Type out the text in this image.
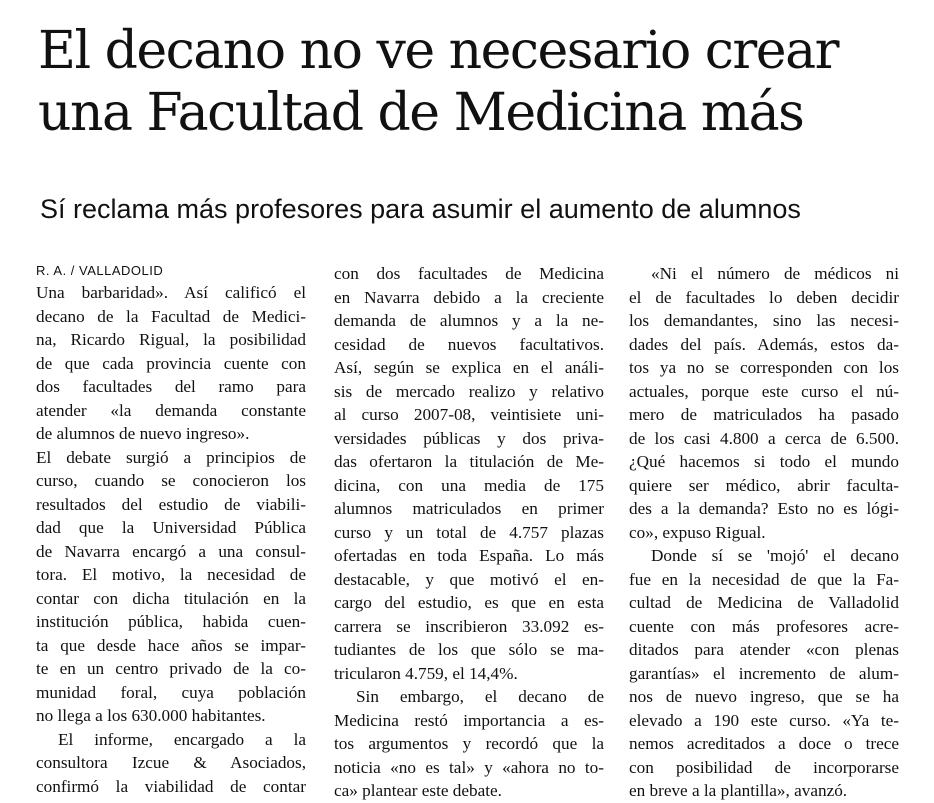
El decano no ve necesario crear
una Facultad de Medicina más
Sí reclama más profesores para asumir el aumento de alumnos
R. A. / VALLADOLID
Una barbaridad». Así calificó el
decano de la Facultad de Medici-
na, Ricardo Rigual, la posibilidad
de que cada provincia cuente con
dos facultades del ramo para
atender «la demanda constante
de alumnos de nuevo ingreso».
El debate surgió a principios de
curso, cuando se conocieron los
resultados del estudio de viabili-
dad que la Universidad Pública
de Navarra encargó a una consul-
tora. El motivo, la necesidad de
contar con dicha titulación en la
institución pública, habida cuen-
ta que desde hace años se impar-
te en un centro privado de la co-
munidad foral, cuya población
no llega a los 630.000 habitantes.
El informe, encargado a la
consultora Izcue & Asociados,
confirmó la viabilidad de contar
con dos facultades de Medicina
en Navarra debido a la creciente
demanda de alumnos y a la ne-
cesidad de nuevos facultativos.
Así, según se explica en el análi-
sis de mercado realizo y relativo
al curso 2007-08, veintisiete uni-
versidades públicas y dos priva-
das ofertaron la titulación de Me-
dicina, con una media de 175
alumnos matriculados en primer
curso y un total de 4.757 plazas
ofertadas en toda España. Lo más
destacable, y que motivó el en-
cargo del estudio, es que en esta
carrera se inscribieron 33.092 es-
tudiantes de los que sólo se ma-
tricularon 4.759, el 14,4%.
Sin embargo, el decano de
Medicina restó importancia a es-
tos argumentos y recordó que la
noticia «no es tal» y «ahora no to-
ca» plantear este debate.
«Ni el número de médicos ni
el de facultades lo deben decidir
los demandantes, sino las necesi-
dades del país. Además, estos da-
tos ya no se corresponden con los
actuales, porque este curso el nú-
mero de matriculados ha pasado
de los casi 4.800 a cerca de 6.500.
¿Qué hacemos si todo el mundo
quiere ser médico, abrir faculta-
des a la demanda? Esto no es lógi-
co», expuso Rigual.
Donde sí se 'mojó' el decano
fue en la necesidad de que la Fa-
cultad de Medicina de Valladolid
cuente con más profesores acre-
ditados para atender «con plenas
garantías» el incremento de alum-
nos de nuevo ingreso, que se ha
elevado a 190 este curso. «Ya te-
nemos acreditados a doce o trece
con posibilidad de incorporarse
en breve a la plantilla», avanzó.
